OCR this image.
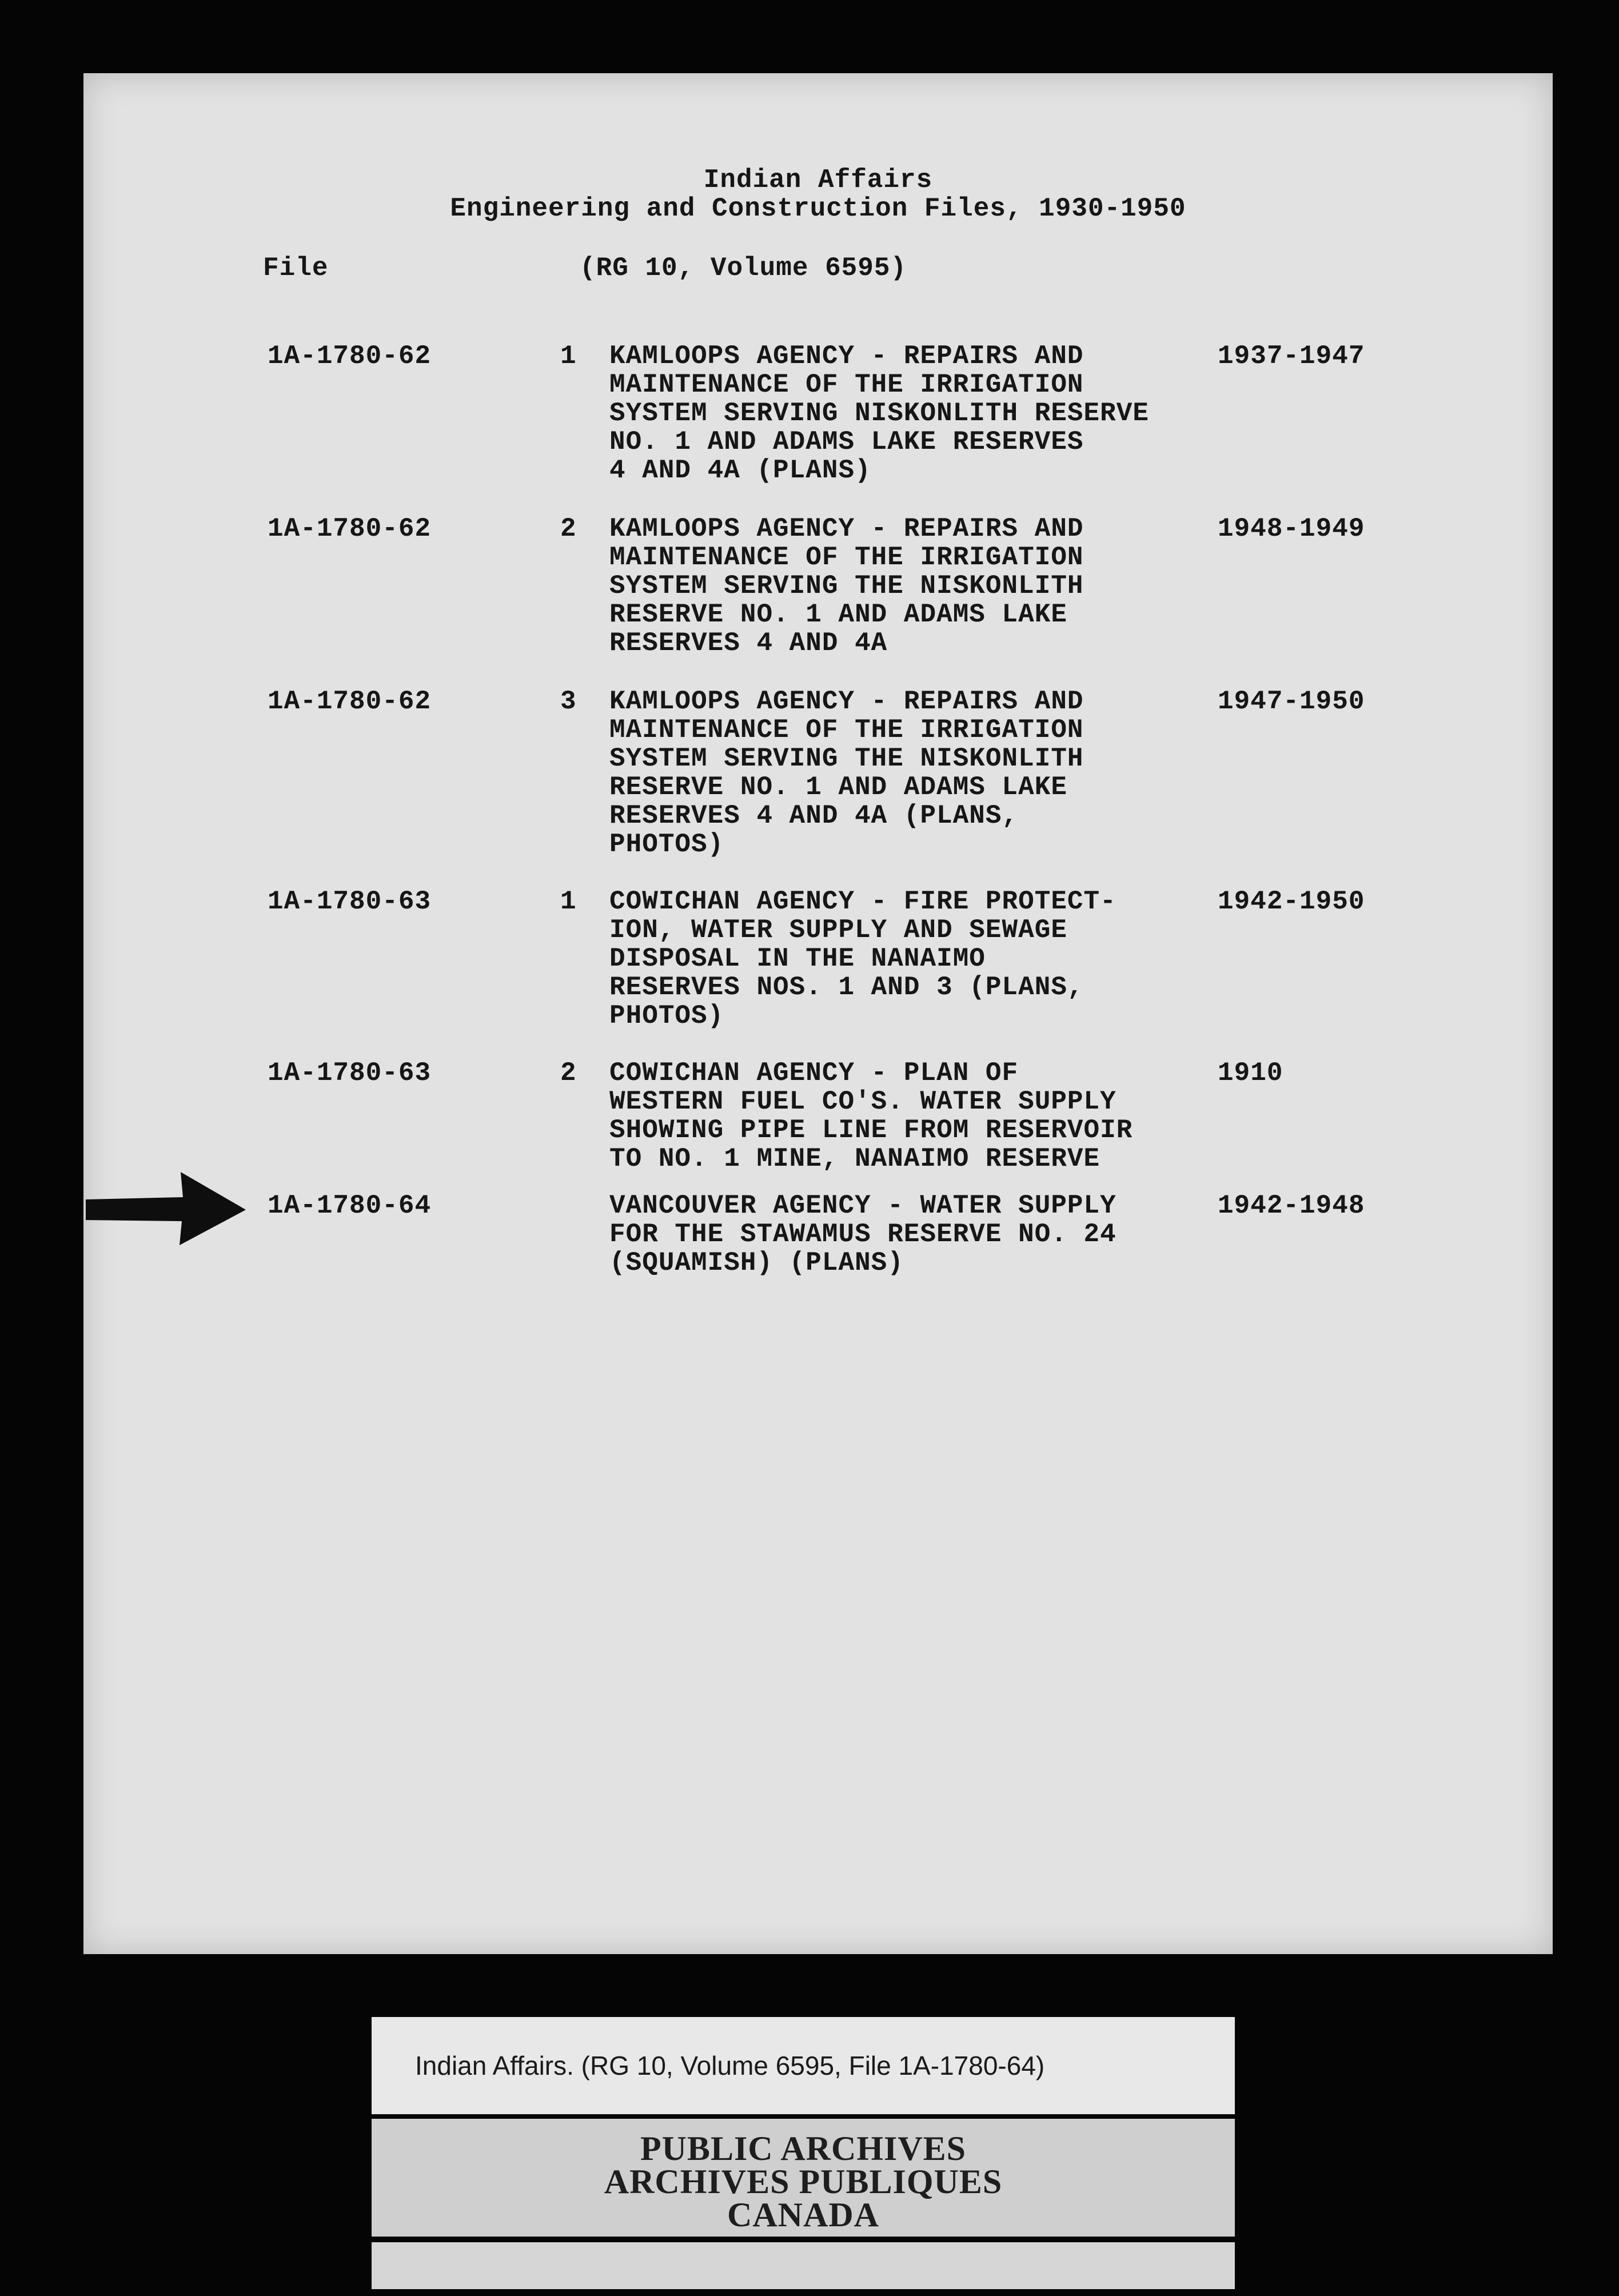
Indian Affairs
Engineering and Construction Files, 1930-1950
File	(RG 10, Volume 6595)
1A-1780-62	1 KAMLOOPS AGENCY - REPAIRS AND
MAINTENANCE OF THE IRRIGATION
SYSTEM SERVING NISKONLITH RESERVE
NO. 1 AND ADAMS LAKE RESERVES
4 AND 4A (PLANS)
1937-1947
1A-1780-62	2 KAMLOOPS AGENCY - REPAIRS AND
MAINTENANCE OF THE IRRIGATION
SYSTEM SERVING THE NISKONLITH
RESERVE NO. 1 AND ADAMS LAKE
RESERVES 4 AND 4A
1948-1949
1A-1780-62	3 KAMLOOPS AGENCY - REPAIRS AND
MAINTENANCE OF THE IRRIGATION
SYSTEM SERVING THE NISKONLITH
RESERVE NO. 1 AND ADAMS LAKE
RESERVES 4 AND 4A (PLANS,
PHOTOS)
1947-1950
1A-1780-63	1 COWICHAN AGENCY - FIRE PROTECT-
ION, WATER SUPPLY AND SEWAGE
DISPOSAL IN THE NANAIMO
RESERVES NOS. 1 AND 3 (PLANS,
PHOTOS)
1942-1950
1A-1780-63	2 COWICHAN AGENCY - PLAN OF
WESTERN FUEL CO'S. WATER SUPPLY
SHOWING PIPE LINE FROM RESERVOIR
TO NO. 1 MINE, NANAIMO RESERVE
1910
1A-1780-64	VANCOUVER AGENCY - WATER SUPPLY
FOR THE STAWAMUS RESERVE NO. 24
(SQUAMISH) (PLANS)
1942-1948
Indian Affairs. (RG 10, Volume 6595, File 1A-1780-64)
PUBLIC ARCHIVES
ARCHIVES PUBLIQUES
CANADA
